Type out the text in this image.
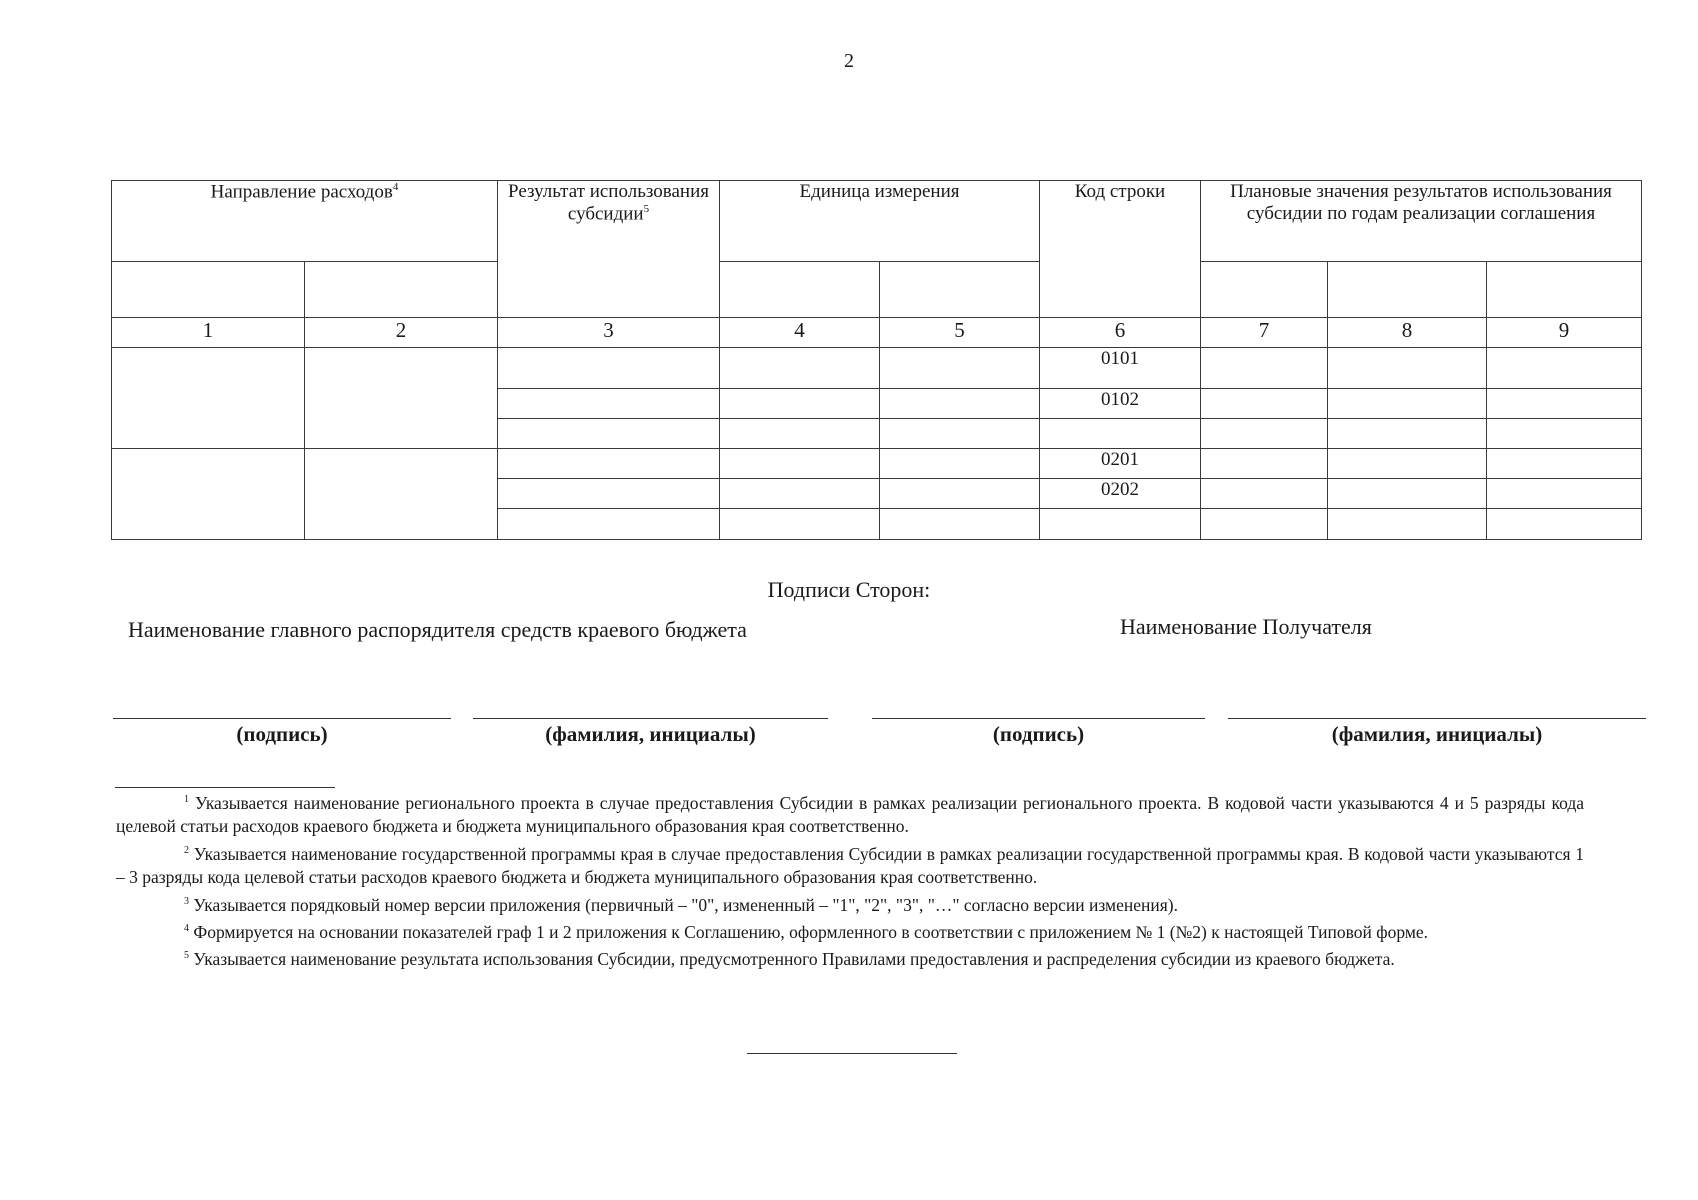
2
Направление расходов$^4$		Результат использования субсидии$^5$	Единица измерения		Код строки	Плановые значения результатов использования субсидии по годам реализации соглашения		

1	2	3	4	5	6	7	8	9
					0101			
					0102			

					0201			
					0202			

Подписи Сторон:
Наименование главного распорядителя средств краевого бюджета	Наименование Получателя
(подпись)	(фамилия, инициалы)	(подпись)	(фамилия, инициалы)

$^1$ Указывается наименование регионального проекта в случае предоставления Субсидии в рамках реализации регионального проекта. В кодовой части указываются 4 и 5 разряды кода целевой статьи расходов краевого бюджета и бюджета муниципального образования края соответственно.

$^2$ Указывается наименование государственной программы края в случае предоставления Субсидии в рамках реализации государственной программы края. В кодовой части указываются 1 – 3 разряды кода целевой статьи расходов краевого бюджета и бюджета муниципального образования края соответственно.

$^3$ Указывается порядковый номер версии приложения (первичный – "0", измененный – "1", "2", "3", "…" согласно версии изменения).

$^4$ Формируется на основании показателей граф 1 и 2 приложения к Соглашению, оформленного в соответствии с приложением № 1 (№2) к настоящей Типовой форме.

$^5$ Указывается наименование результата использования Субсидии, предусмотренного Правилами предоставления и распределения субсидии из краевого бюджета.
